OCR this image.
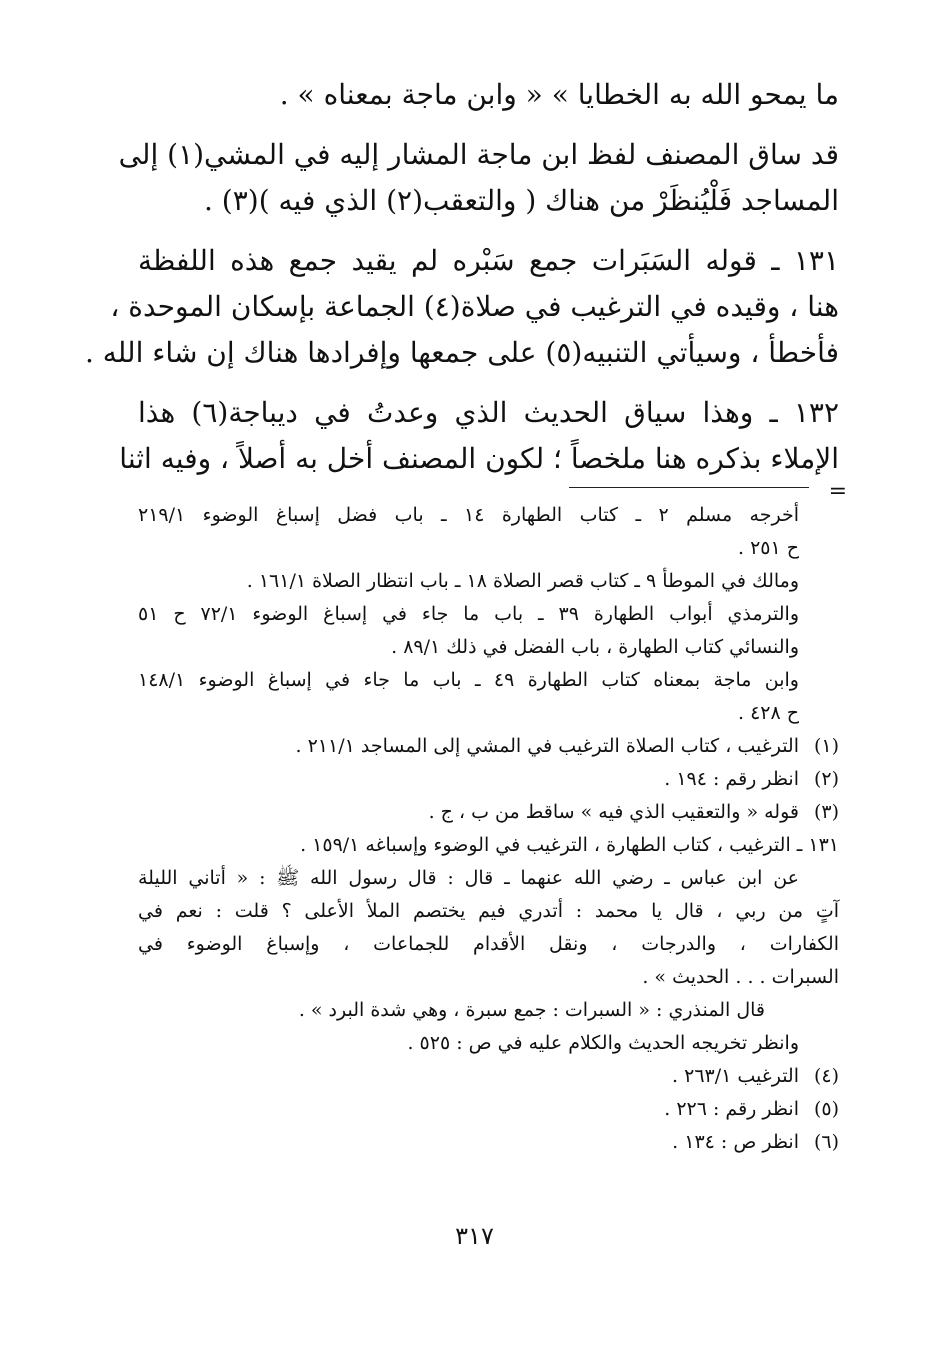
ما يمحو الله به الخطايا » « وابن ماجة بمعناه » .
قد ساق المصنف لفظ ابن ماجة المشار إليه في المشي(١) إلى
المساجد فَلْيُنظَرْ من هناك ( والتعقب(٢) الذي فيه )(٣) .
١٣١ ـ قوله السَبَرات جمع سَبْره لم يقيد جمع هذه اللفظة
هنا ، وقيده في الترغيب في صلاة(٤) الجماعة بإسكان الموحدة ،
فأخطأ ، وسيأتي التنبيه(٥) على جمعها وإفرادها هناك إن شاء الله .
١٣٢ ـ وهذا سياق الحديث الذي وعدتُ في ديباجة(٦) هذا
الإملاء بذكره هنا ملخصاً ؛ لكون المصنف أخل به أصلاً ، وفيه اثنا
=
أخرجه مسلم ٢ ـ كتاب الطهارة ١٤ ـ باب فضل إسباغ الوضوء ٢١٩/١
ح ٢٥١ .
ومالك في الموطأ ٩ ـ كتاب قصر الصلاة ١٨ ـ باب انتظار الصلاة ١٦١/١ .
والترمذي أبواب الطهارة ٣٩ ـ باب ما جاء في إسباغ الوضوء ٧٢/١ ح ٥١
والنسائي كتاب الطهارة ، باب الفضل في ذلك ٨٩/١ .
وابن ماجة بمعناه كتاب الطهارة ٤٩ ـ باب ما جاء في إسباغ الوضوء ١٤٨/١
ح ٤٢٨ .
(١)الترغيب ، كتاب الصلاة الترغيب في المشي إلى المساجد ٢١١/١ .
(٢)انظر رقم : ١٩٤ .
(٣)قوله « والتعقيب الذي فيه » ساقط من ب ، ج .
١٣١ ـ الترغيب ، كتاب الطهارة ، الترغيب في الوضوء وإسباغه ١٥٩/١ .
عن ابن عباس ـ رضي الله عنهما ـ قال : قال رسول الله ﷺ : « أتاني الليلة
آتٍ من ربي ، قال يا محمد : أتدري فيم يختصم الملأ الأعلى ؟ قلت : نعم في
الكفارات ، والدرجات ، ونقل الأقدام للجماعات ، وإسباغ الوضوء في
السبرات . . . الحديث » .
قال المنذري : « السبرات : جمع سبرة ، وهي شدة البرد » .
وانظر تخريجه الحديث والكلام عليه في ص : ٥٢٥ .
(٤)الترغيب ٢٦٣/١ .
(٥)انظر رقم : ٢٢٦ .
(٦)انظر ص : ١٣٤ .
٣١٧
